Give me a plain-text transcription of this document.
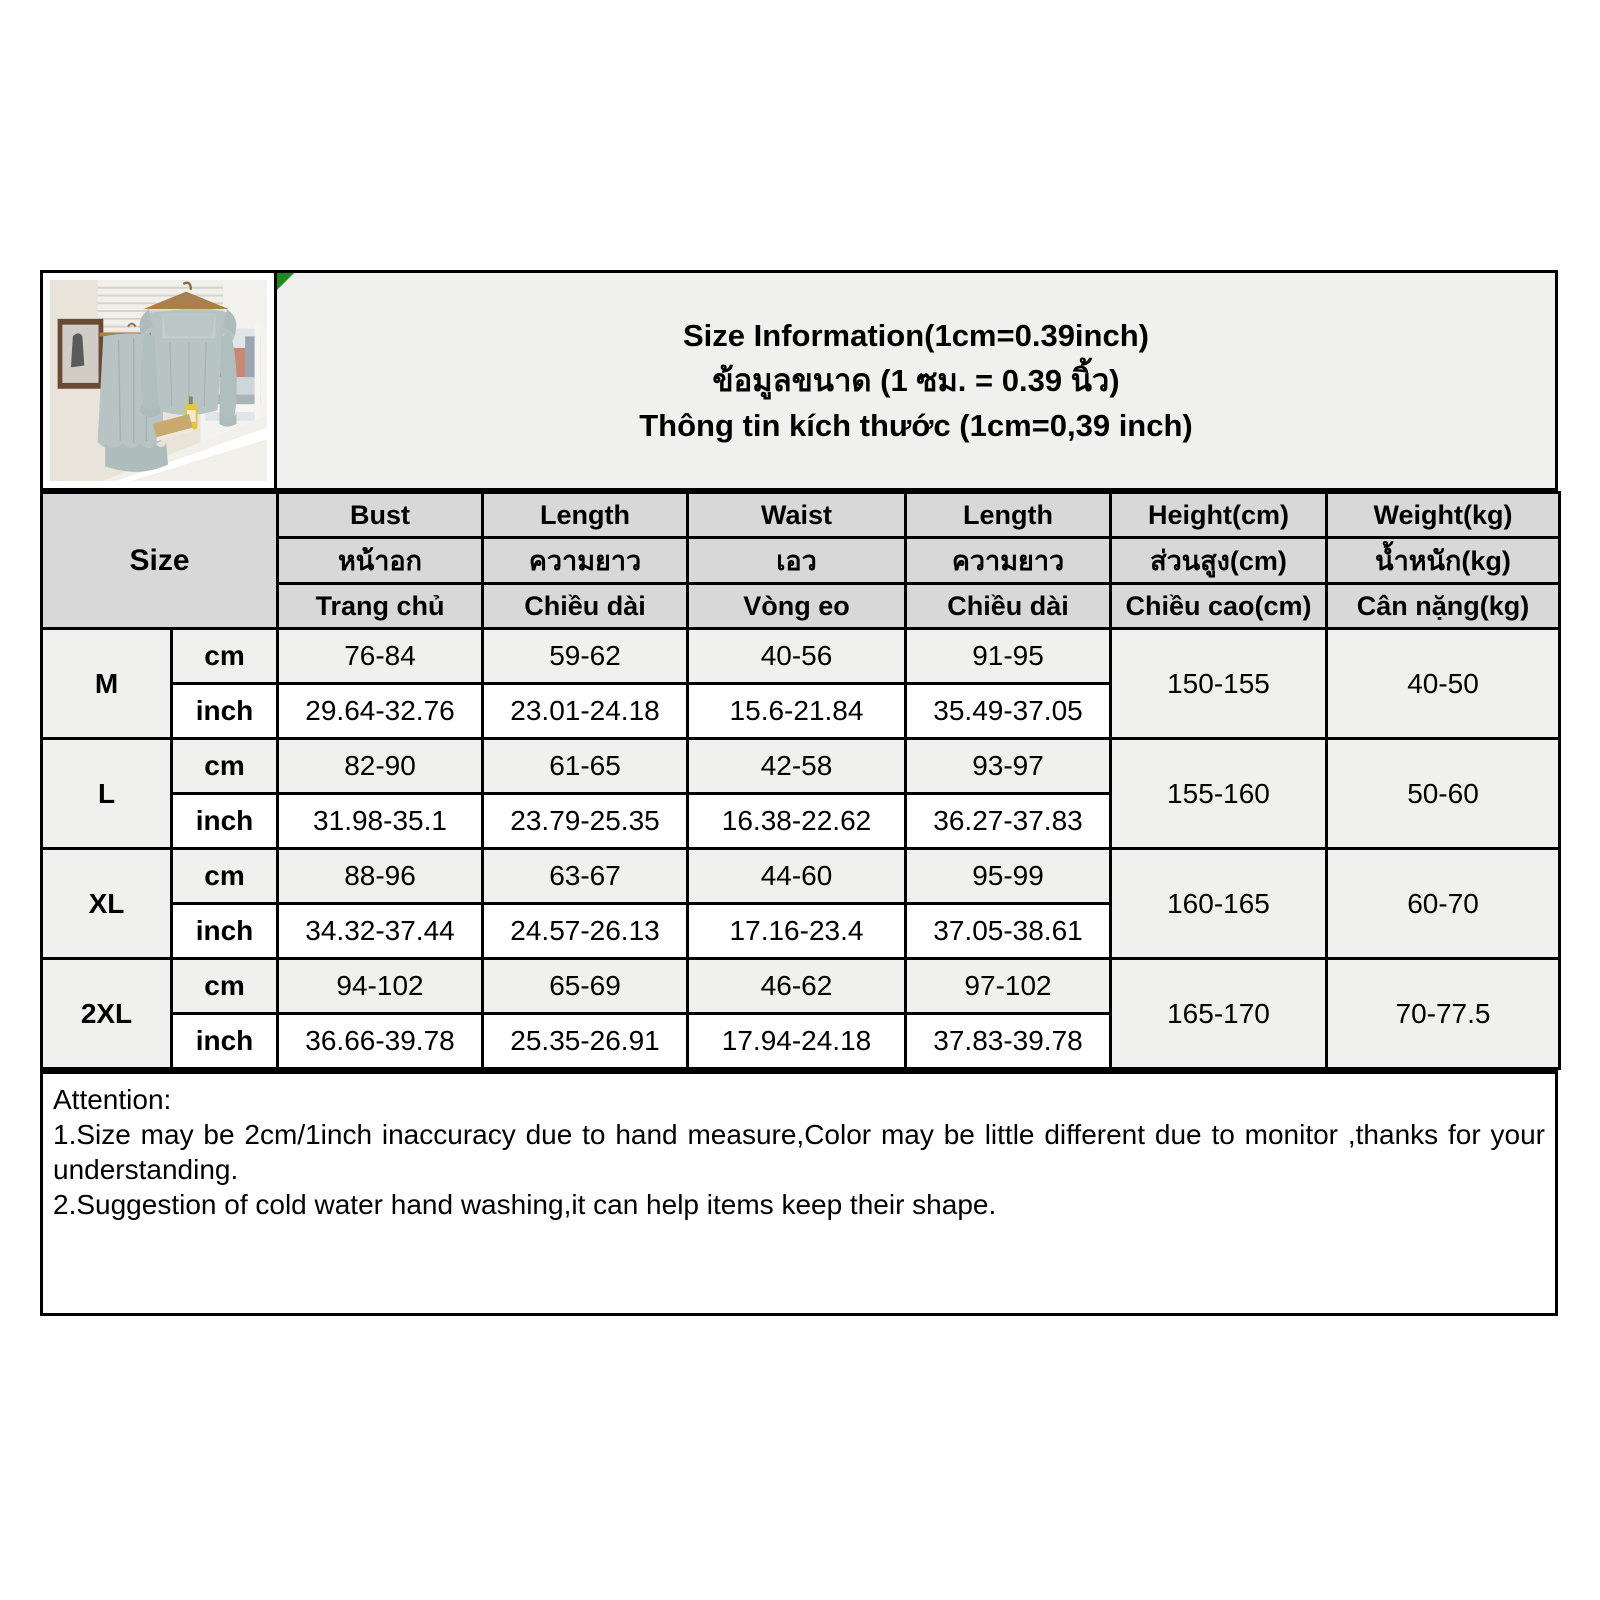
Size Information(1cm=0.39inch)
ข้อมูลขนาด (1 ซม. = 0.39 นิ้ว)
Thông tin kích thước (1cm=0,39 inch)
Size		Bust	Length	Waist	Length	Height(cm)	Weight(kg)
		หน้าอก	ความยาว	เอว	ความยาว	ส่วนสูง(cm)	น้ำหนัก(kg)
		Trang chủ	Chiều dài	Vòng eo	Chiều dài	Chiều cao(cm)	Cân nặng(kg)
M	cm	76-84	59-62	40-56	91-95	150-155	40-50
	inch	29.64-32.76	23.01-24.18	15.6-21.84	35.49-37.05		
L	cm	82-90	61-65	42-58	93-97	155-160	50-60
	inch	31.98-35.1	23.79-25.35	16.38-22.62	36.27-37.83		
XL	cm	88-96	63-67	44-60	95-99	160-165	60-70
	inch	34.32-37.44	24.57-26.13	17.16-23.4	37.05-38.61		
2XL	cm	94-102	65-69	46-62	97-102	165-170	70-77.5
	inch	36.66-39.78	25.35-26.91	17.94-24.18	37.83-39.78		
Attention:
1.Size may be 2cm/1inch inaccuracy due to hand measure,Color may be little different due to monitor ,thanks for your understanding.
2.Suggestion of cold water hand washing,it can help items keep their shape.
